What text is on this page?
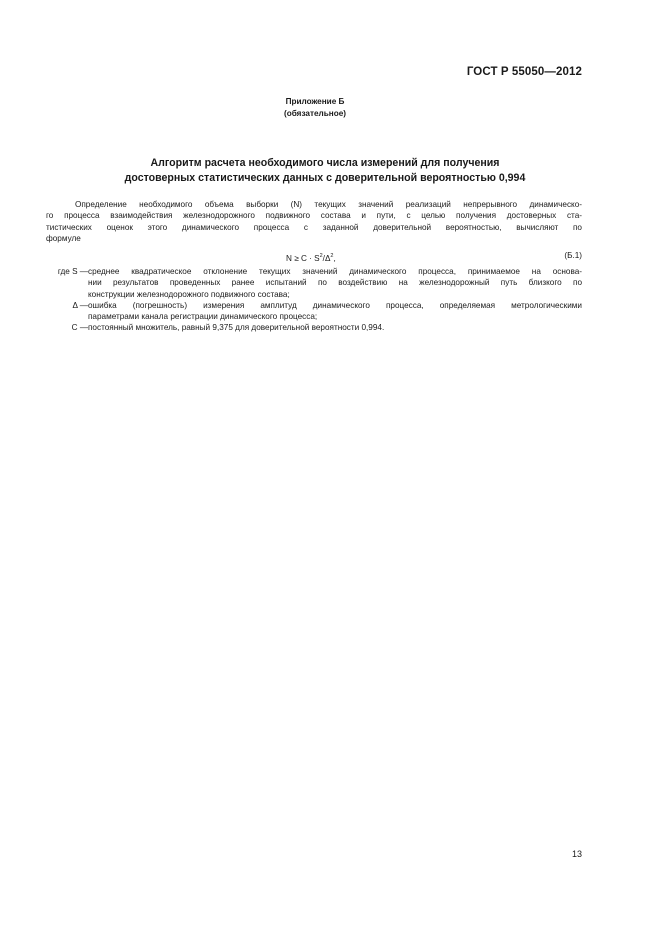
ГОСТ Р 55050—2012
Приложение Б
(обязательное)
Алгоритм расчета необходимого числа измерений для получения
достоверных статистических данных с доверительной вероятностью 0,994
Определение необходимого объема выборки (N) текущих значений реализаций непрерывного динамическо-
го процесса взаимодействия железнодорожного подвижного состава и пути, с целью получения достоверных ста-
тистических оценок этого динамического процесса с заданной доверительной вероятностью, вычисляют по
формуле
$N \ge C \cdot S^2/\Delta^2$,	(Б.1)
где S — среднее квадратическое отклонение текущих значений динамического процесса, принимаемое на основа-
нии результатов проведенных ранее испытаний по воздействию на железнодорожный путь близкого по
конструкции железнодорожного подвижного состава;
Δ — ошибка (погрешность) измерения амплитуд динамического процесса, определяемая метрологическими
параметрами канала регистрации динамического процесса;
C — постоянный множитель, равный 9,375 для доверительной вероятности 0,994.
13
